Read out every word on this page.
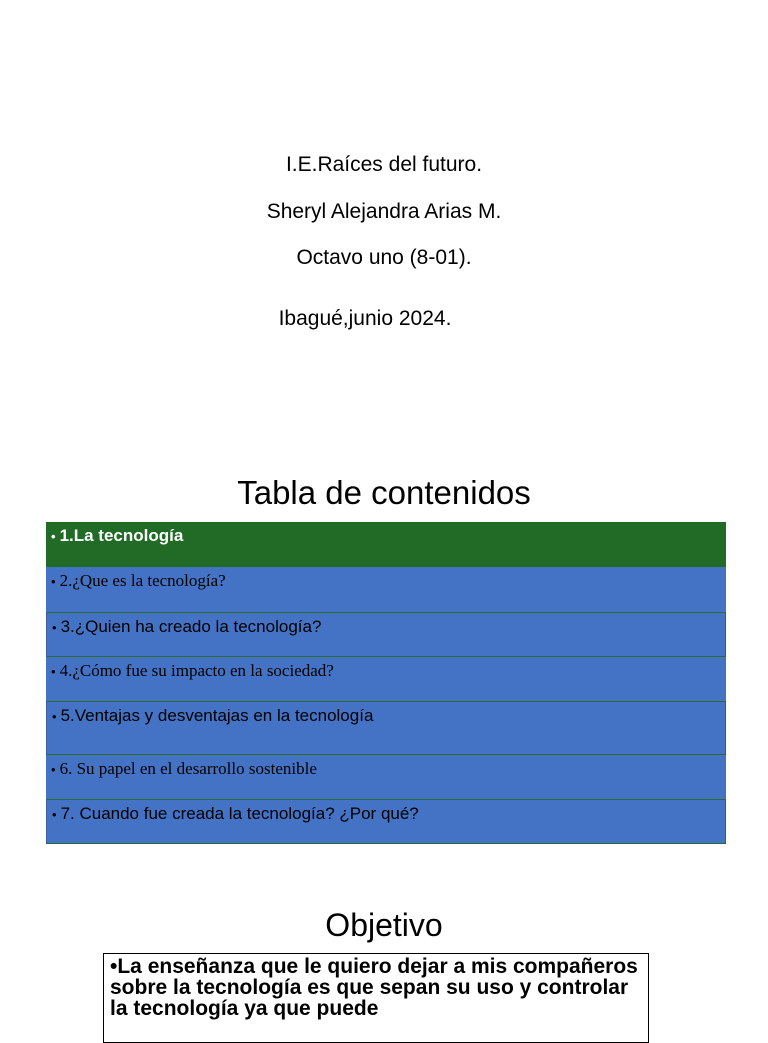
I.E.Raíces del futuro.
Sheryl Alejandra Arias M.
Octavo uno (8-01).
Ibagué,junio 2024.
Tabla de contenidos
• 1.La tecnología
• 2.¿Que es la tecnología?
• 3.¿Quien ha creado la tecnología?
• 4.¿Cómo fue su impacto en la sociedad?
• 5.Ventajas y desventajas en la tecnología
• 6. Su papel en el desarrollo sostenible
• 7. Cuando fue creada la tecnología? ¿Por qué?
Objetivo

•La enseñanza que le quiero dejar a mis compañeros sobre la tecnología es que sepan su uso y controlar la tecnología ya que puede
